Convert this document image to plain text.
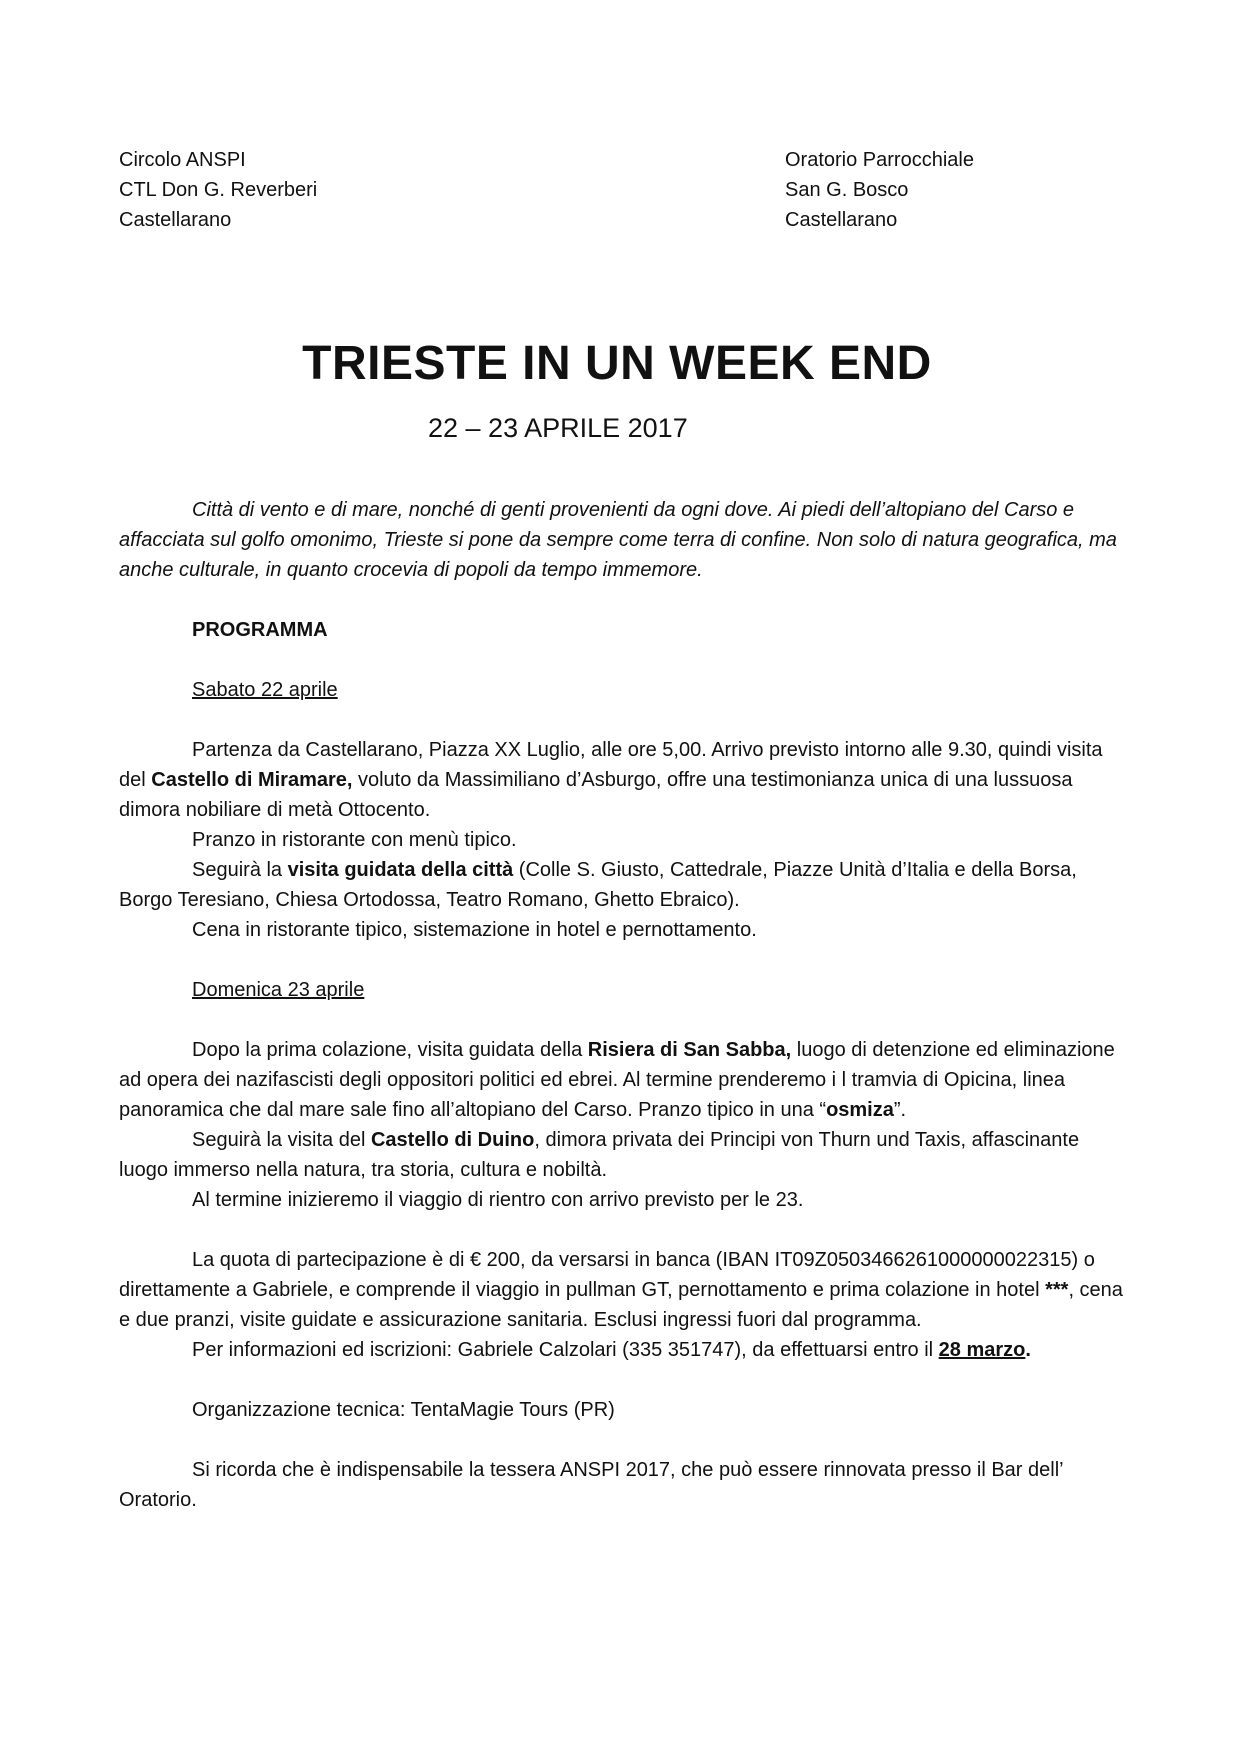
Circolo ANSPI
CTL Don G. Reverberi
Castellarano
Oratorio Parrocchiale
San G. Bosco
Castellarano
TRIESTE IN UN WEEK END
22 – 23 APRILE 2017

Città di vento e di mare, nonché di genti provenienti da ogni dove. Ai piedi dell’altopiano del Carso e affacciata sul golfo omonimo, Trieste si pone da sempre come terra di confine. Non solo di natura geografica, ma anche culturale, in quanto crocevia di popoli da tempo immemore.

PROGRAMMA
Sabato 22 aprile

Partenza da Castellarano, Piazza XX Luglio, alle ore 5,00. Arrivo previsto intorno alle 9.30, quindi visita del Castello di Miramare, voluto da Massimiliano d’Asburgo, offre una testimonianza unica di una lussuosa dimora nobiliare di metà Ottocento.

Pranzo in ristorante con menù tipico.

Seguirà la visita guidata della città (Colle S. Giusto, Cattedrale, Piazze Unità d’Italia e della Borsa, Borgo Teresiano, Chiesa Ortodossa, Teatro Romano, Ghetto Ebraico).

Cena in ristorante tipico, sistemazione in hotel e pernottamento.

Domenica 23 aprile

Dopo la prima colazione, visita guidata della Risiera di San Sabba, luogo di detenzione ed eliminazione ad opera dei nazifascisti degli oppositori politici ed ebrei. Al termine prenderemo i l tramvia di Opicina, linea panoramica che dal mare sale fino all’altopiano del Carso. Pranzo tipico in una “osmiza”.

Seguirà la visita del Castello di Duino, dimora privata dei Principi von Thurn und Taxis, affascinante luogo immerso nella natura, tra storia, cultura e nobiltà.

Al termine inizieremo il viaggio di rientro con arrivo previsto per le 23.

La quota di partecipazione è di € 200, da versarsi in banca (IBAN IT09Z0503466261000000022315) o direttamente a Gabriele, e comprende il viaggio in pullman GT, pernottamento e prima colazione in hotel ***, cena e due pranzi, visite guidate e assicurazione sanitaria. Esclusi ingressi fuori dal programma.

Per informazioni ed iscrizioni: Gabriele Calzolari (335 351747), da effettuarsi entro il 28 marzo.

Organizzazione tecnica: TentaMagie Tours (PR)

Si ricorda che è indispensabile la tessera ANSPI 2017, che può essere rinnovata presso il Bar dell’ Oratorio.
